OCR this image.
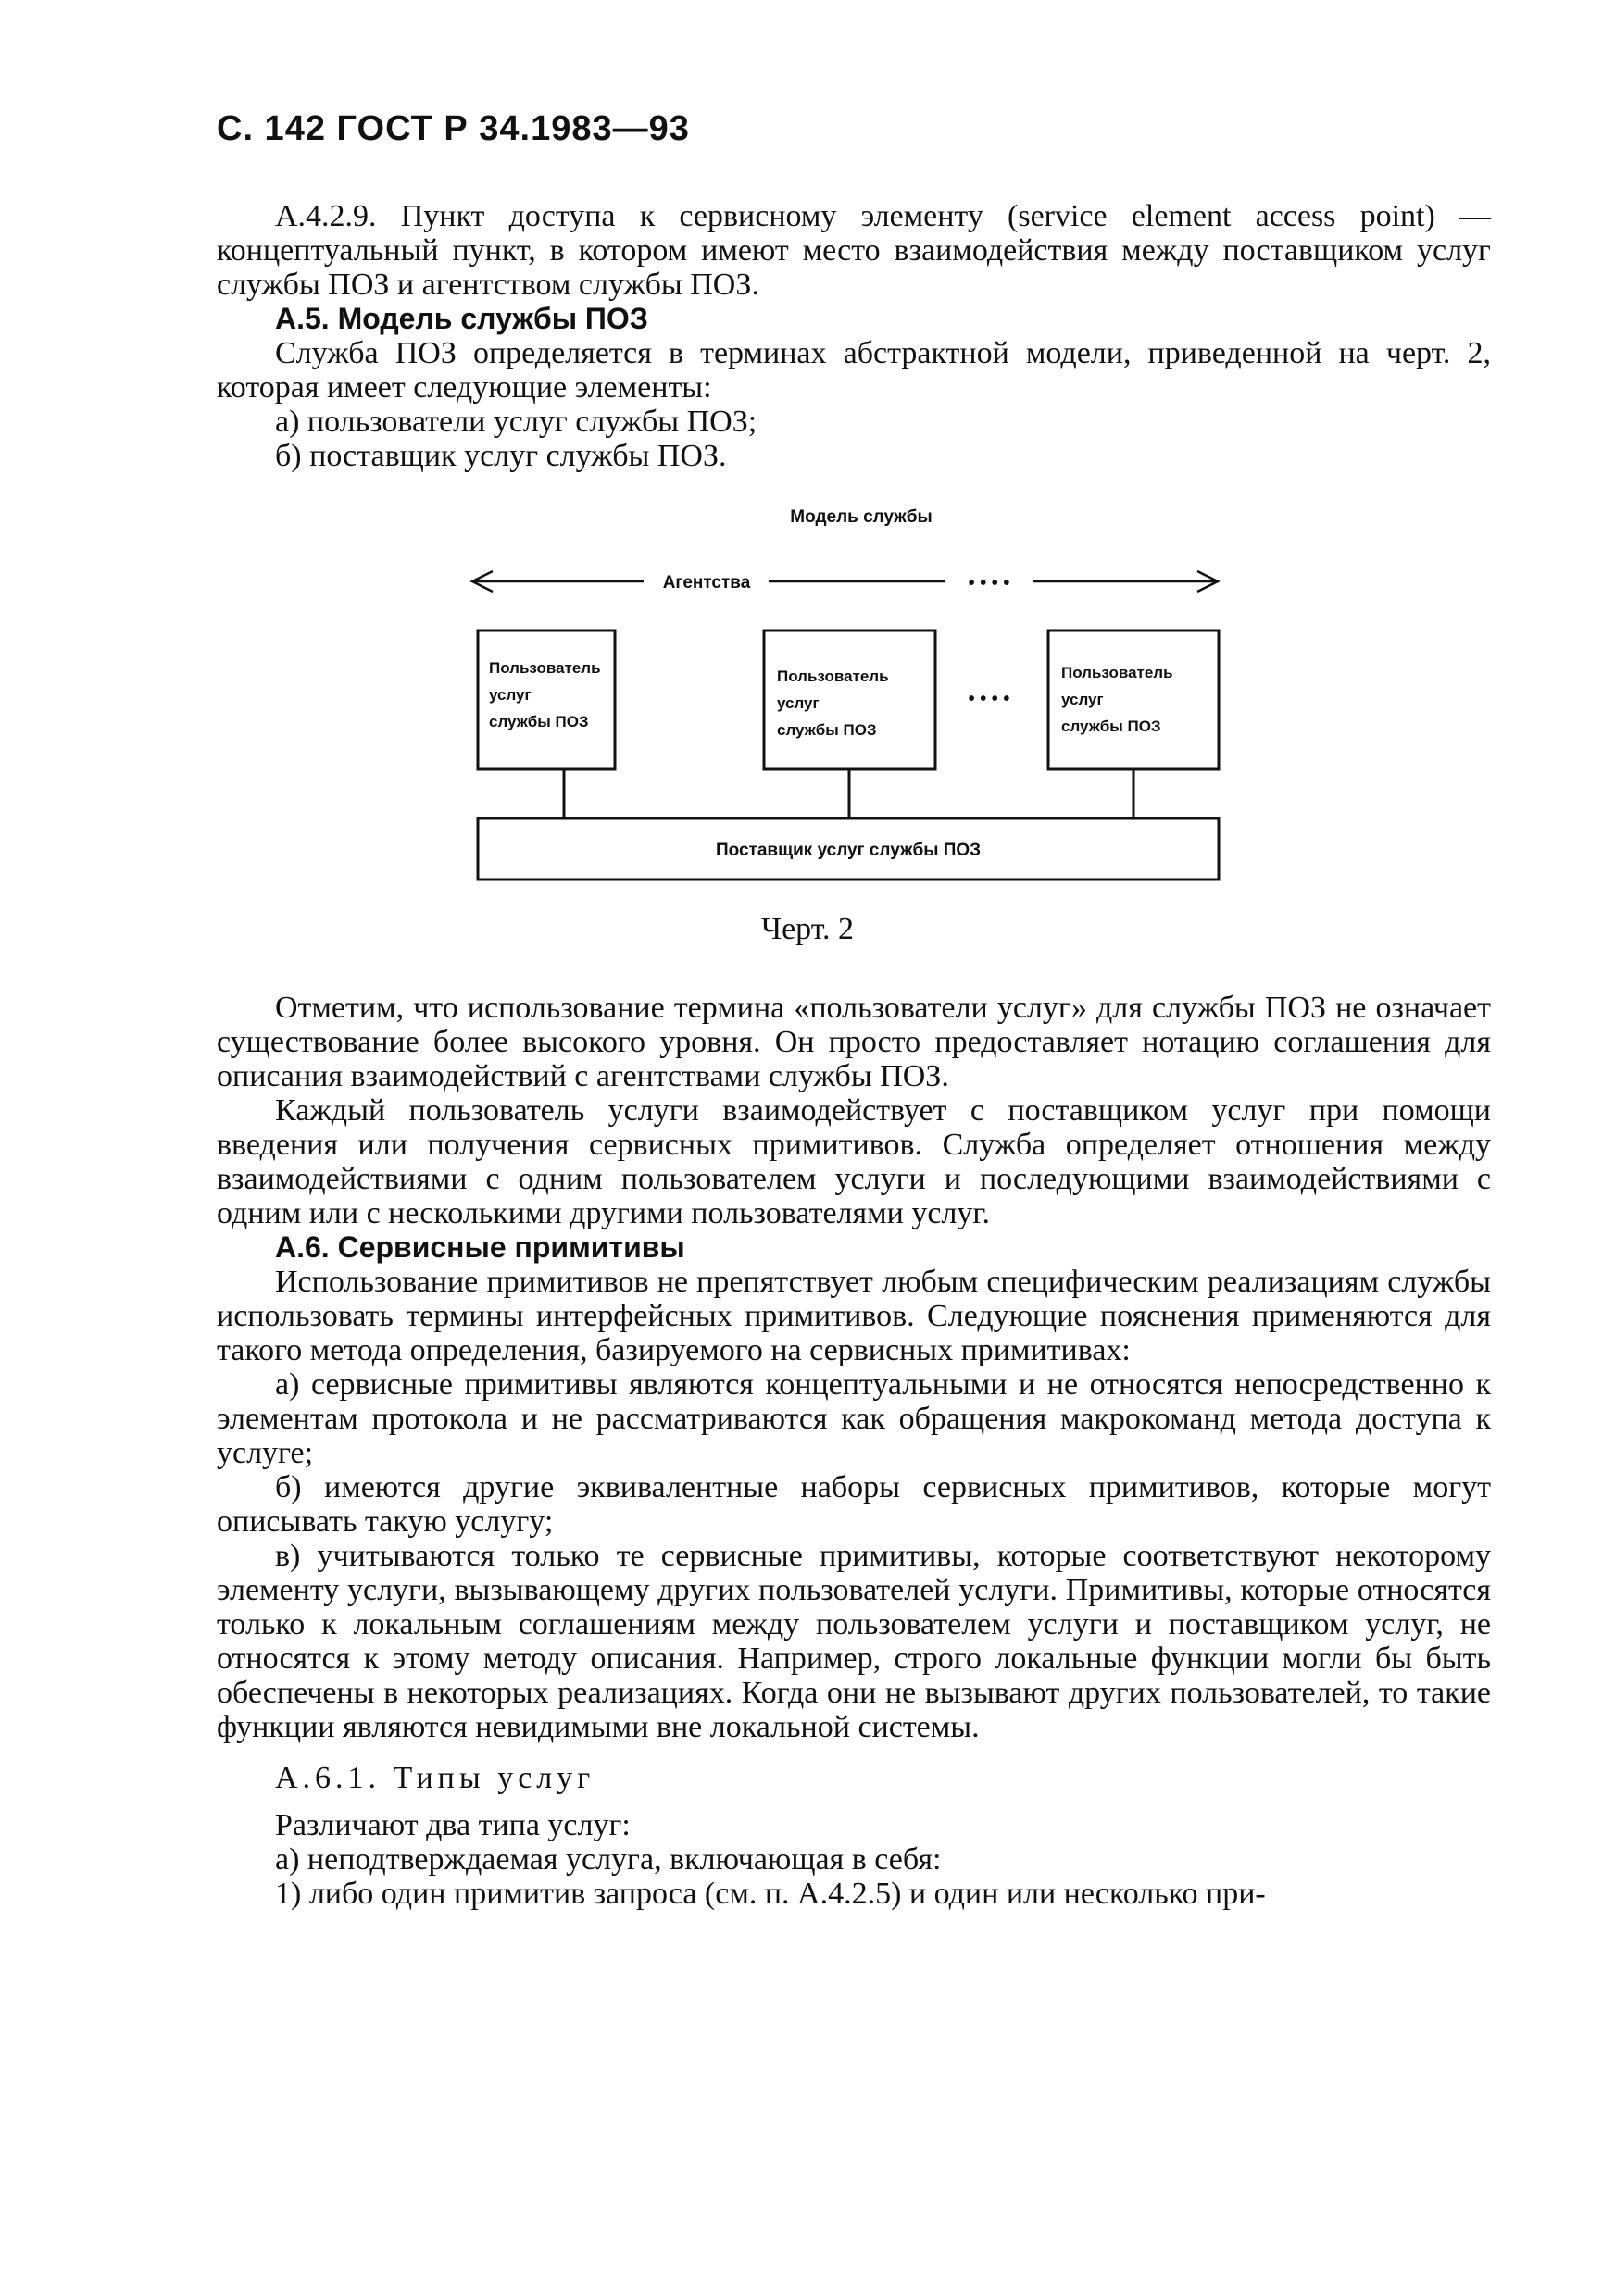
С. 142 ГОСТ Р 34.1983—93

А.4.2.9. Пункт доступа к сервисному элементу (service element access point) — концептуальный пункт, в котором имеют место взаимодействия между поставщиком услуг службы ПОЗ и агентством службы ПОЗ.

А.5. Модель службы ПОЗ

Служба ПОЗ определяется в терминах абстрактной модели, приведенной на черт. 2, которая имеет следующие элементы:

а) пользователи услуг службы ПОЗ;

б) поставщик услуг службы ПОЗ.

Модель службы
Агентства	• • • •
Пользователь
услуг
службы ПОЗ
Пользователь
услуг
службы ПОЗ
• • • •
Пользователь
услуг
службы ПОЗ
Поставщик услуг службы ПОЗ
Черт. 2

Отметим, что использование термина «пользователи услуг» для службы ПОЗ не означает существование более высокого уровня. Он просто предоставляет нотацию соглашения для описания взаимодействий с агентствами службы ПОЗ.

Каждый пользователь услуги взаимодействует с поставщиком услуг при помощи введения или получения сервисных примитивов. Служба определяет отношения между взаимодействиями с одним пользователем услуги и последующими взаимодействиями с одним или с несколькими другими пользователями услуг.

А.6. Сервисные примитивы

Использование примитивов не препятствует любым специфическим реализациям службы использовать термины интерфейсных примитивов. Следующие пояснения применяются для такого метода определения, базируемого на сервисных примитивах:

а) сервисные примитивы являются концептуальными и не относятся непосредственно к элементам протокола и не рассматриваются как обращения макрокоманд метода доступа к услуге;

б) имеются другие эквивалентные наборы сервисных примитивов, которые могут описывать такую услугу;

в) учитываются только те сервисные примитивы, которые соответствуют некоторому элементу услуги, вызывающему других пользователей услуги. Примитивы, которые относятся только к локальным соглашениям между пользователем услуги и поставщиком услуг, не относятся к этому методу описания. Например, строго локальные функции могли бы быть обеспечены в некоторых реализациях. Когда они не вызывают других пользователей, то такие функции являются невидимыми вне локальной системы.

А.6.1. Типы услуг

Различают два типа услуг:

а) неподтверждаемая услуга, включающая в себя:

1) либо один примитив запроса (см. п. А.4.2.5) и один или несколько при-
